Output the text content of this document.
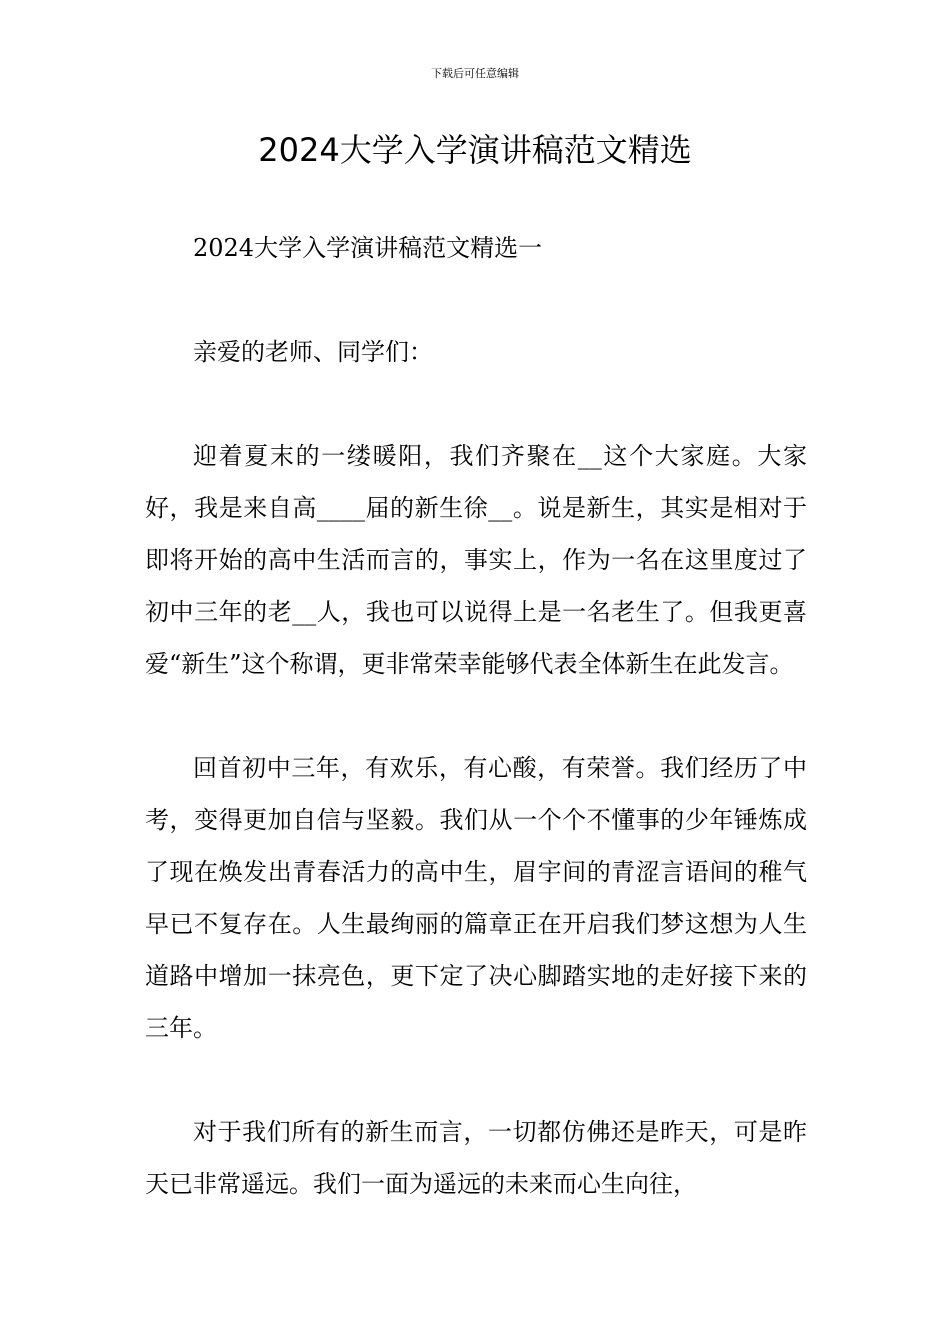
下载后可任意编辑
2024大学入学演讲稿范文精选

2024大学入学演讲稿范文精选一

亲爱的老师、同学们：

迎着夏末的一缕暖阳，我们齐聚在__这个大家庭。大家好，我是来自高____届的新生徐__。说是新生，其实是相对于即将开始的高中生活而言的，事实上，作为一名在这里度过了初中三年的老__人，我也可以说得上是一名老生了。但我更喜爱“新生”这个称谓，更非常荣幸能够代表全体新生在此发言。

回首初中三年，有欢乐，有心酸，有荣誉。我们经历了中考，变得更加自信与坚毅。我们从一个个不懂事的少年锤炼成了现在焕发出青春活力的高中生，眉宇间的青涩言语间的稚气早已不复存在。人生最绚丽的篇章正在开启我们梦这想为人生道路中增加一抹亮色，更下定了决心脚踏实地的走好接下来的三年。

对于我们所有的新生而言，一切都仿佛还是昨天，可是昨天已非常遥远。我们一面为遥远的未来而心生向往，
